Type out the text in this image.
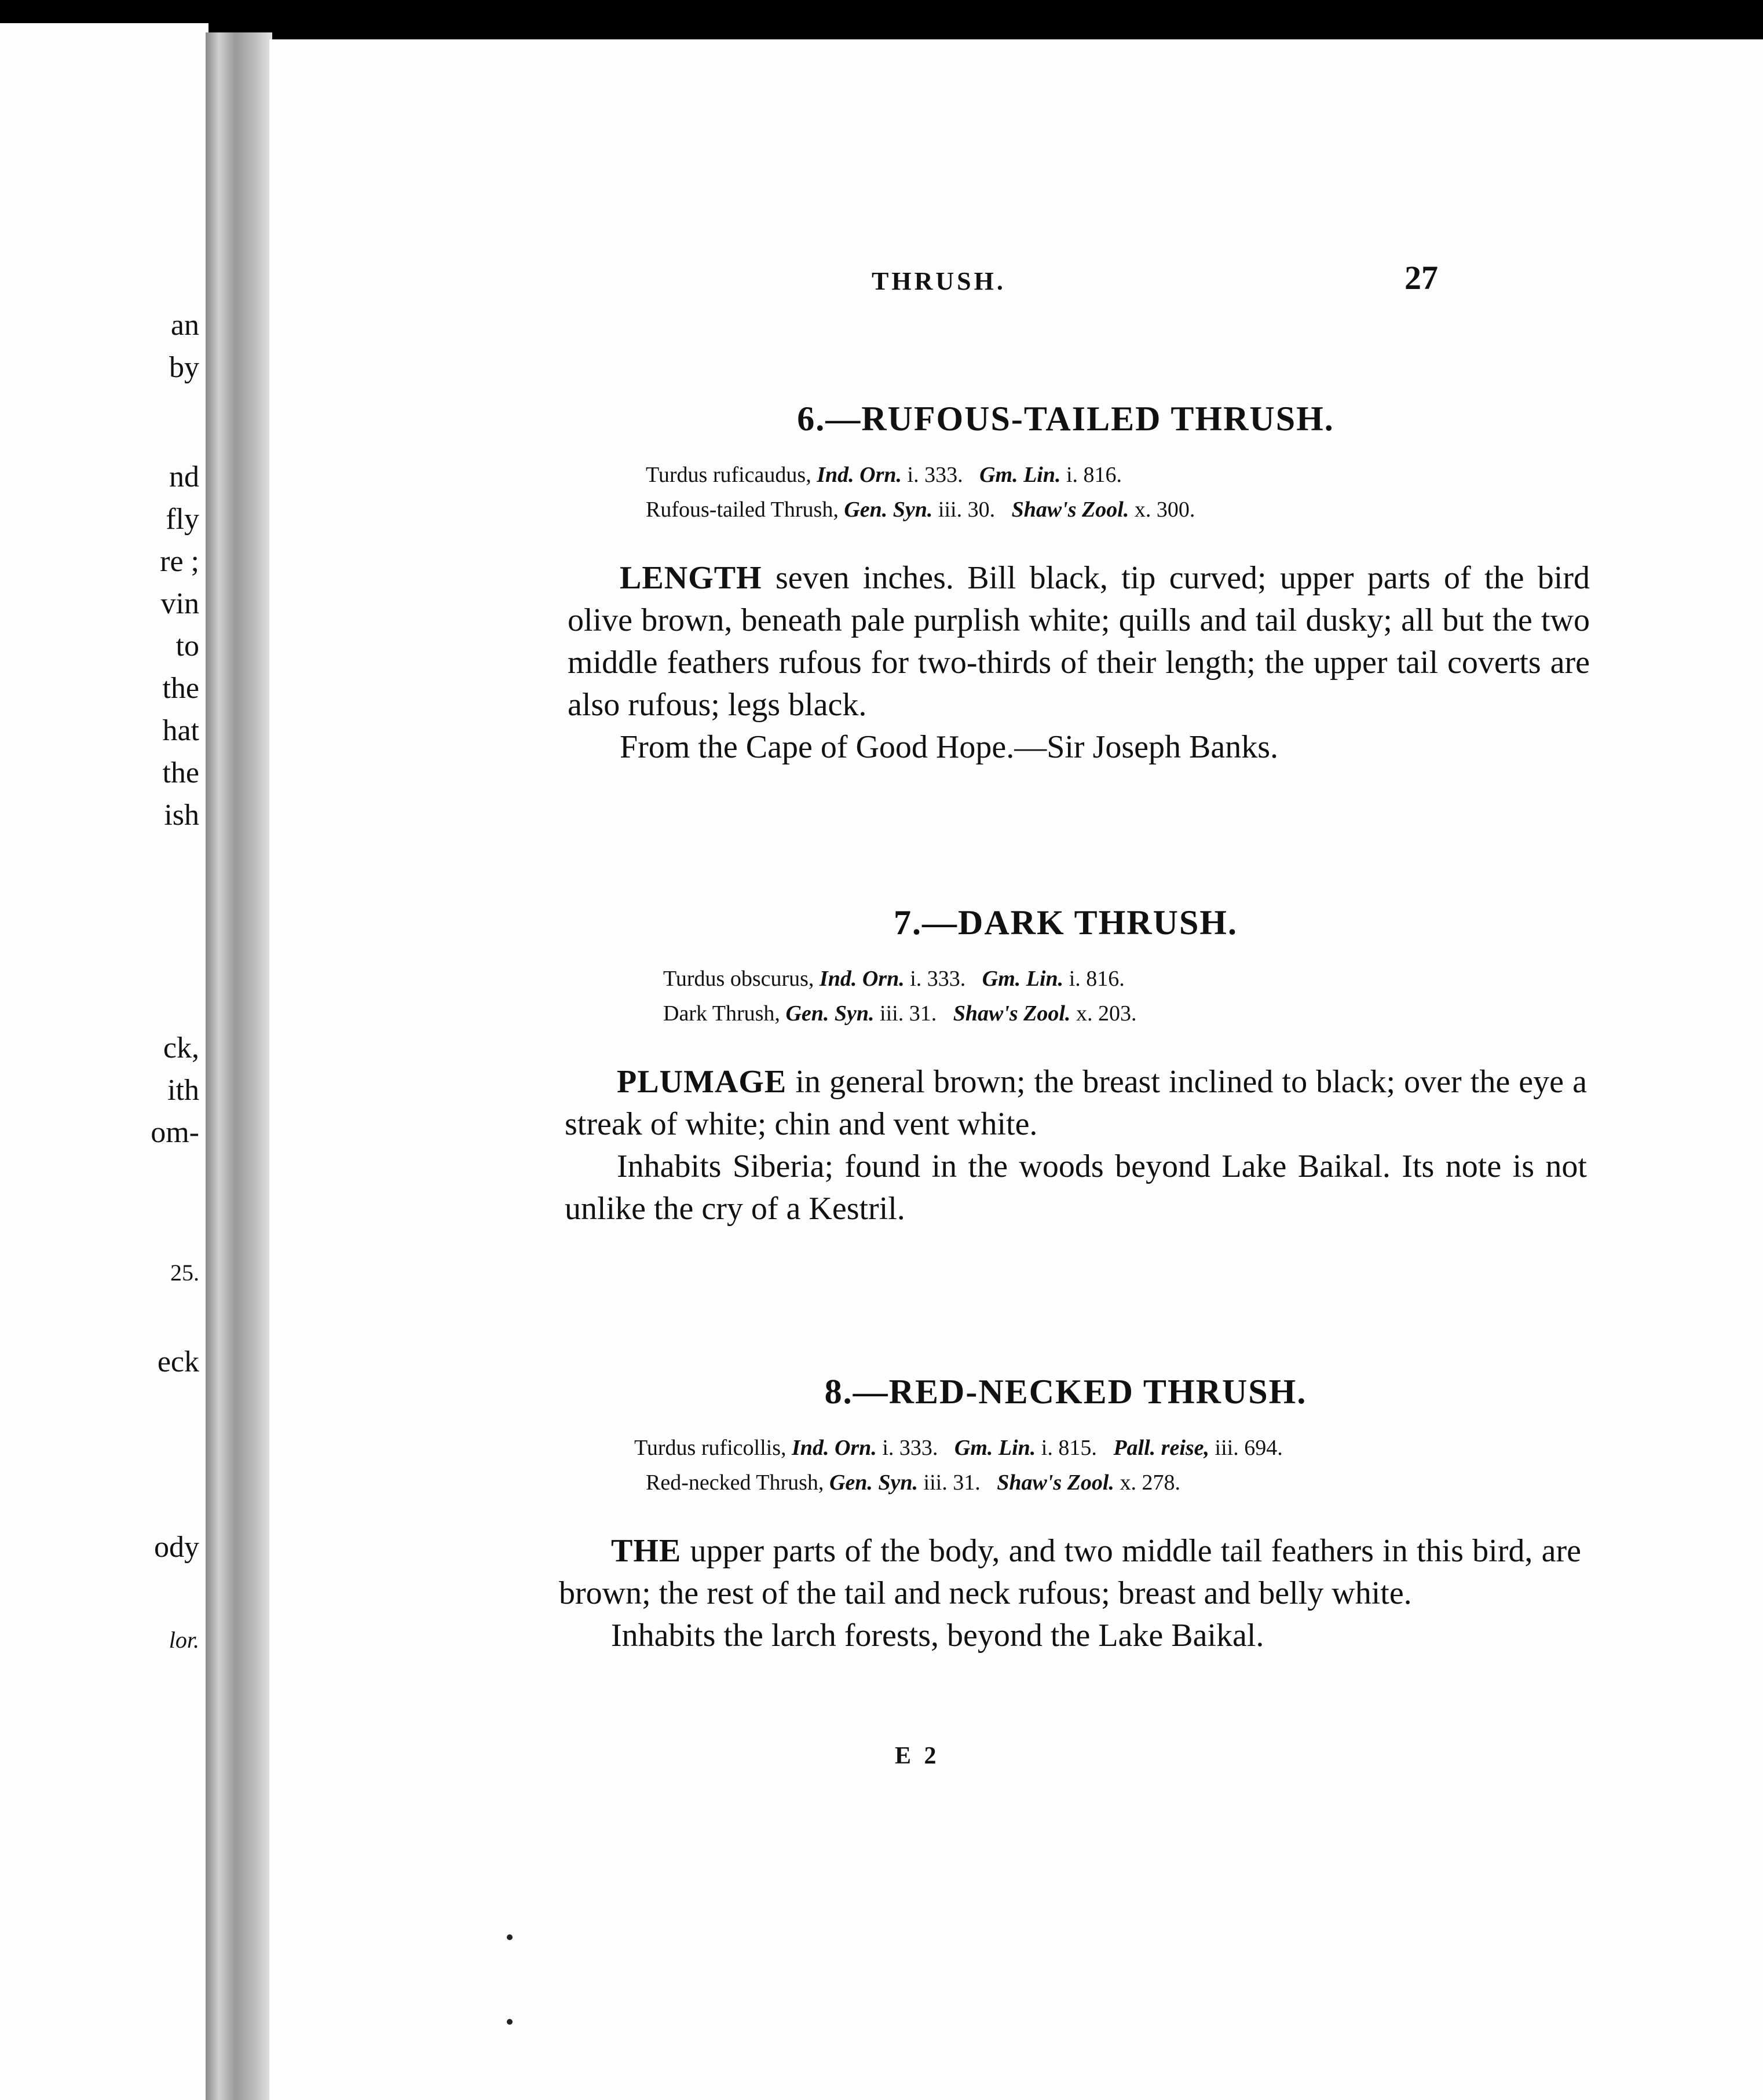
an
by
nd
fly
re ;
vin
to
the
hat
the
ish
ck,
ith
om-
25.
eck
ody
lor.
THRUSH.	27
6.—RUFOUS-TAILED THRUSH.
Turdus ruficaudus, Ind. Orn. i. 333.   Gm. Lin. i. 816.
Rufous-tailed Thrush, Gen. Syn. iii. 30.   Shaw's Zool. x. 300.

LENGTH seven inches. Bill black, tip curved; upper parts of the bird olive brown, beneath pale purplish white; quills and tail dusky; all but the two middle feathers rufous for two-thirds of their length; the upper tail coverts are also rufous; legs black.

From the Cape of Good Hope.—Sir Joseph Banks.

7.—DARK THRUSH.
Turdus obscurus, Ind. Orn. i. 333.   Gm. Lin. i. 816.
Dark Thrush, Gen. Syn. iii. 31.   Shaw's Zool. x. 203.

PLUMAGE in general brown; the breast inclined to black; over the eye a streak of white; chin and vent white.

Inhabits Siberia; found in the woods beyond Lake Baikal. Its note is not unlike the cry of a Kestril.

8.—RED-NECKED THRUSH.
Turdus ruficollis, Ind. Orn. i. 333.   Gm. Lin. i. 815.   Pall. reise, iii. 694.
Red-necked Thrush, Gen. Syn. iii. 31.   Shaw's Zool. x. 278.

THE upper parts of the body, and two middle tail feathers in this bird, are brown; the rest of the tail and neck rufous; breast and belly white.

Inhabits the larch forests, beyond the Lake Baikal.

E 2
